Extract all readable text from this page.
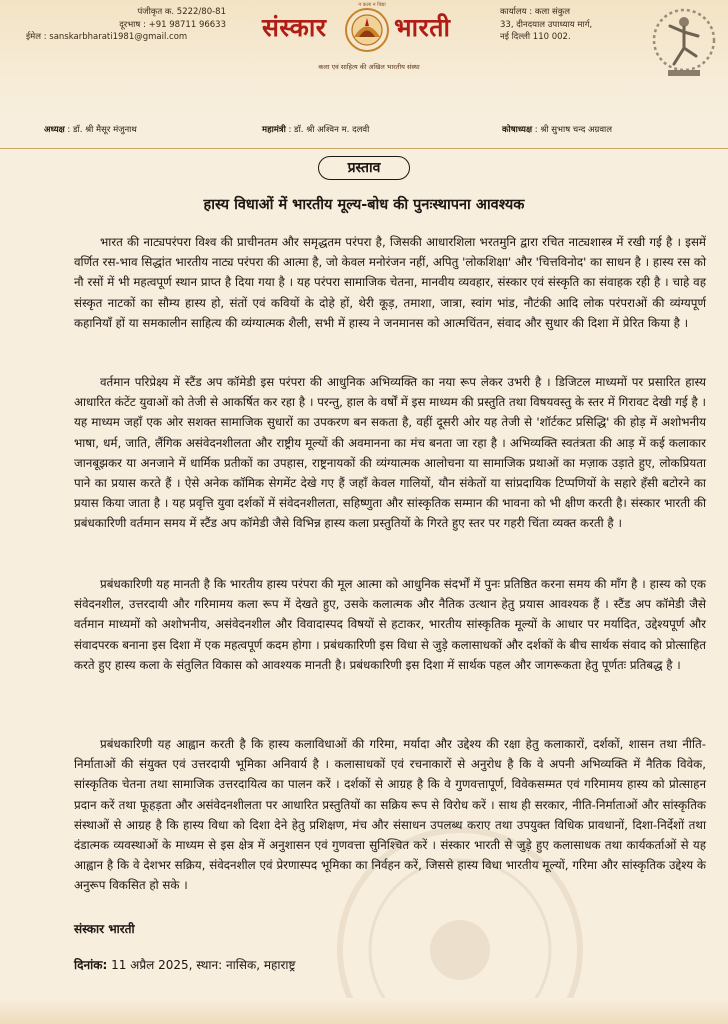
पंजीकृत क. 5222/80-81
दूरभाष : +91 98711 96633
ईमेल : sanskarbharati1981@gmail.com
न कला न विद्या
संस्कार	भारती
कला एवं साहित्य की अखिल भारतीय संस्था
कार्यालय : कला संकुल
33, दीनदयाल उपाध्याय मार्ग,
नई दिल्ली 110 002.
अध्यक्ष : डॉ. श्री मैसूर मंजुनाथ	महामंत्री : डॉ. श्री अश्विन म. दलवी	कोषाध्यक्ष : श्री सुभाष चन्द अग्रवाल
प्रस्ताव
हास्य विधाओं में भारतीय मूल्य-बोध की पुनःस्थापना आवश्यक

भारत की नाट्यपरंपरा विश्व की प्राचीनतम और समृद्धतम परंपरा है, जिसकी आधारशिला भरतमुनि द्वारा रचित नाट्यशास्त्र में रखी गई है । इसमें वर्णित रस-भाव सिद्धांत भारतीय नाट्य परंपरा की आत्मा है, जो केवल मनोरंजन नहीं, अपितु 'लोकशिक्षा' और 'चित्तविनोद' का साधन है । हास्य रस को नौ रसों में भी महत्वपूर्ण स्थान प्राप्त है दिया गया है । यह परंपरा सामाजिक चेतना, मानवीय व्यवहार, संस्कार एवं संस्कृति का संवाहक रही है । चाहे वह संस्कृत नाटकों का सौम्य हास्य हो, संतों एवं कवियों के दोहे हों, थेरी कूड़, तमाशा, जात्रा, स्वांग भांड, नौटंकी आदि लोक परंपराओं की व्यंग्यपूर्ण कहानियाँ हों या समकालीन साहित्य की व्यंग्यात्मक शैली, सभी में हास्य ने जनमानस को आत्मचिंतन, संवाद और सुधार की दिशा में प्रेरित किया है ।

वर्तमान परिप्रेक्ष्य में स्टैंड अप कॉमेडी इस परंपरा की आधुनिक अभिव्यक्ति का नया रूप लेकर उभरी है । डिजिटल माध्यमों पर प्रसारित हास्य आधारित कंटेंट युवाओं को तेजी से आकर्षित कर रहा है । परन्तु, हाल के वर्षों में इस माध्यम की प्रस्तुति तथा विषयवस्तु के स्तर में गिरावट देखी गई है । यह माध्यम जहाँ एक ओर सशक्त सामाजिक सुधारों का उपकरण बन सकता है, वहीं दूसरी ओर यह तेजी से 'शॉर्टकट प्रसिद्धि' की होड़ में अशोभनीय भाषा, धर्म, जाति, लैंगिक असंवेदनशीलता और राष्ट्रीय मूल्यों की अवमानना का मंच बनता जा रहा है । अभिव्यक्ति स्वतंत्रता की आड़ में कई कलाकार जानबूझकर या अनजाने में धार्मिक प्रतीकों का उपहास, राष्ट्रनायकों की व्यंग्यात्मक आलोचना या सामाजिक प्रथाओं का मज़ाक उड़ाते हुए, लोकप्रियता पाने का प्रयास करते हैं । ऐसे अनेक कॉमिक सेगमेंट देखे गए हैं जहाँ केवल गालियों, यौन संकेतों या सांप्रदायिक टिप्पणियों के सहारे हँसी बटोरने का प्रयास किया जाता है । यह प्रवृत्ति युवा दर्शकों में संवेदनशीलता, सहिष्णुता और सांस्कृतिक सम्मान की भावना को भी क्षीण करती है। संस्कार भारती की प्रबंधकारिणी वर्तमान समय में स्टैंड अप कॉमेडी जैसे विभिन्न हास्य कला प्रस्तुतियों के गिरते हुए स्तर पर गहरी चिंता व्यक्त करती है ।

प्रबंधकारिणी यह मानती है कि भारतीय हास्य परंपरा की मूल आत्मा को आधुनिक संदर्भों में पुनः प्रतिष्ठित करना समय की माँग है । हास्य को एक संवेदनशील, उत्तरदायी और गरिमामय कला रूप में देखते हुए, उसके कलात्मक और नैतिक उत्थान हेतु प्रयास आवश्यक हैं । स्टैंड अप कॉमेडी जैसे वर्तमान माध्यमों को अशोभनीय, असंवेदनशील और विवादास्पद विषयों से हटाकर, भारतीय सांस्कृतिक मूल्यों के आधार पर मर्यादित, उद्देश्यपूर्ण और संवादपरक बनाना इस दिशा में एक महत्वपूर्ण कदम होगा । प्रबंधकारिणी इस विधा से जुड़े कलासाधकों और दर्शकों के बीच सार्थक संवाद को प्रोत्साहित करते हुए हास्य कला के संतुलित विकास को आवश्यक मानती है। प्रबंधकारिणी इस दिशा में सार्थक पहल और जागरूकता हेतु पूर्णतः प्रतिबद्ध है ।

प्रबंधकारिणी यह आह्वान करती है कि हास्य कलाविधाओं की गरिमा, मर्यादा और उद्देश्य की रक्षा हेतु कलाकारों, दर्शकों, शासन तथा नीति-निर्माताओं की संयुक्त एवं उत्तरदायी भूमिका अनिवार्य है । कलासाधकों एवं रचनाकारों से अनुरोध है कि वे अपनी अभिव्यक्ति में नैतिक विवेक, सांस्कृतिक चेतना तथा सामाजिक उत्तरदायित्व का पालन करें । दर्शकों से आग्रह है कि वे गुणवत्तापूर्ण, विवेकसम्मत एवं गरिमामय हास्य को प्रोत्साहन प्रदान करें तथा फूहड़ता और असंवेदनशीलता पर आधारित प्रस्तुतियों का सक्रिय रूप से विरोध करें । साथ ही सरकार, नीति-निर्माताओं और सांस्कृतिक संस्थाओं से आग्रह है कि हास्य विधा को दिशा देने हेतु प्रशिक्षण, मंच और संसाधन उपलब्ध कराए तथा उपयुक्त विधिक प्रावधानों, दिशा-निर्देशों तथा दंडात्मक व्यवस्थाओं के माध्यम से इस क्षेत्र में अनुशासन एवं गुणवत्ता सुनिश्चित करें । संस्कार भारती से जुड़े हुए कलासाधक तथा कार्यकर्ताओं से यह आह्वान है कि वे देशभर सक्रिय, संवेदनशील एवं प्रेरणास्पद भूमिका का निर्वहन करें, जिससे हास्य विधा भारतीय मूल्यों, गरिमा और सांस्कृतिक उद्देश्य के अनुरूप विकसित हो सके ।

संस्कार भारती
दिनांक: 11 अप्रैल 2025, स्थान: नासिक, महाराष्ट्र
